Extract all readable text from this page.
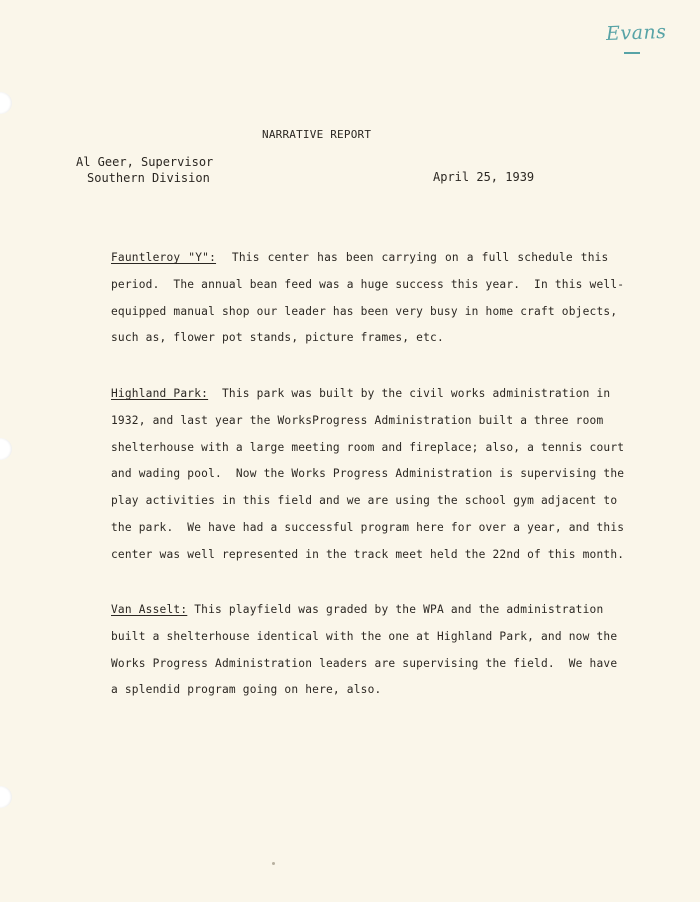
Evans
NARRATIVE REPORT
Al Geer, Supervisor
Southern Division	April 25, 1939
Fauntleroy "Y":  This center has been carrying on a full schedule this
period.  The annual bean feed was a huge success this year.  In this well-
equipped manual shop our leader has been very busy in home craft objects,
such as, flower pot stands, picture frames, etc.
Highland Park:  This park was built by the civil works administration in
1932, and last year the WorksProgress Administration built a three room
shelterhouse with a large meeting room and fireplace; also, a tennis court
and wading pool.  Now the Works Progress Administration is supervising the
play activities in this field and we are using the school gym adjacent to
the park.  We have had a successful program here for over a year, and this
center was well represented in the track meet held the 22nd of this month.
Van Asselt: This playfield was graded by the WPA and the administration
built a shelterhouse identical with the one at Highland Park, and now the
Works Progress Administration leaders are supervising the field.  We have
a splendid program going on here, also.
